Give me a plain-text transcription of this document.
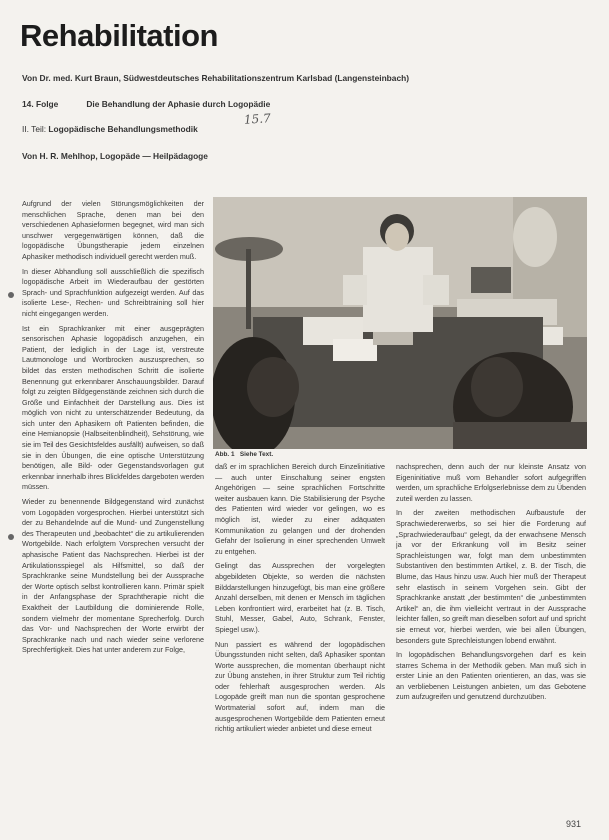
Rehabilitation
Von Dr. med. Kurt Braun, Südwestdeutsches Rehabilitationszentrum Karlsbad (Langensteinbach)
14. Folge	Die Behandlung der Aphasie durch Logopädie
II. Teil: Logopädische Behandlungsmethodik
15.7
Von H. R. Mehlhop, Logopäde — Heilpädagoge

Aufgrund der vielen Störungsmöglichkeiten der menschlichen Sprache, denen man bei den verschiedenen Aphasieformen begegnet, wird man sich unschwer vergegenwärtigen können, daß die logopädische Übungstherapie jedem einzelnen Aphasiker methodisch individuell gerecht werden muß.

In dieser Abhandlung soll ausschließlich die spezifisch logopädische Arbeit im Wiederaufbau der gestörten Sprach- und Sprachfunktion aufgezeigt werden. Auf das isolierte Lese-, Rechen- und Schreibtraining soll hier nicht eingegangen werden.

Ist ein Sprachkranker mit einer ausgeprägten sensorischen Aphasie logopädisch anzugehen, ein Patient, der lediglich in der Lage ist, verstreute Lautmonologe und Wortbrocken auszusprechen, so bildet das ersten methodischen Schritt die isolierte Benennung gut erkennbarer Anschauungsbilder. Darauf folgt zu zeigten Bildgegenstände zeichnen sich durch die Größe und Einfachheit der Darstellung aus. Dies ist möglich von nicht zu unterschätzender Bedeutung, da sich unter den Aphasikern oft Patienten befinden, die eine Hemianopsie (Halbseitenblindheit), Sehstörung, wie sie im Teil des Gesichtsfeldes ausfällt) aufweisen, so daß sie in den Übungen, die eine optische Unterstützung benötigen, alle Bild- oder Gegenstandsvorlagen gut erkennbar innerhalb ihres Blickfeldes dargeboten werden müssen.

Wieder zu benennende Bildgegenstand wird zunächst vom Logopäden vorgesprochen. Hierbei unterstützt sich der zu Behandelnde auf die Mund- und Zungenstellung des Therapeuten und „beobachtet“ die zu artikulierenden Wortgebilde. Nach erfolgtem Vorsprechen versucht der aphasische Patient das Nachsprechen. Hierbei ist der Artikulationsspiegel als Hilfsmittel, so daß der Sprachkranke seine Mundstellung bei der Aussprache der Worte optisch selbst kontrollieren kann. Primär spielt in der Anfangsphase der Sprachtherapie nicht die Exaktheit der Lautbildung die dominierende Rolle, sondern vielmehr der momentane Sprecherfolg. Durch das Vor- und Nachsprechen der Worte erwirbt der Sprachkranke nach und nach wieder seine verlorene Sprechfertigkeit. Dies hat unter anderem zur Folge,

Abb. 1 Siehe Text.

daß er im sprachlichen Bereich durch Einzelinitiative — auch unter Einschaltung seiner engsten Angehörigen — seine sprachlichen Fortschritte weiter ausbauen kann. Die Stabilisierung der Psyche des Patienten wird wieder vor gelingen, wo es möglich ist, wieder zu einer adäquaten Kommunikation zu gelangen und der drohenden Gefahr der Isolierung in einer sprechenden Umwelt zu entgehen.

Gelingt das Aussprechen der vorgelegten abgebildeten Objekte, so werden die nächsten Bilddarstellungen hinzugefügt, bis man eine größere Anzahl derselben, mit denen er Mensch im täglichen Leben konfrontiert wird, erarbeitet hat (z. B. Tisch, Stuhl, Messer, Gabel, Auto, Schrank, Fenster, Spiegel usw.).

Nun passiert es während der logopädischen Übungsstunden nicht selten, daß Aphasiker spontan Worte aussprechen, die momentan überhaupt nicht zur Übung anstehen, in ihrer Struktur zum Teil richtig oder fehlerhaft ausgesprochen werden. Als Logopäde greift man nun die spontan gesprochene Wortmaterial sofort auf, indem man die ausgesprochenen Wortgebilde dem Patienten erneut richtig artikuliert wieder anbietet und diese erneut

nachsprechen, denn auch der nur kleinste Ansatz von Eigeninitiative muß vom Behandler sofort aufgegriffen werden, um sprachliche Erfolgserlebnisse dem zu Übenden zuteil werden zu lassen.

In der zweiten methodischen Aufbaustufe der Sprachwiedererwerbs, so sei hier die Forderung auf „Sprachwiederaufbau“ gelegt, da der erwachsene Mensch ja vor der Erkrankung voll im Besitz seiner Sprachleistungen war, folgt man dem unbestimmten Substantiven den bestimmten Artikel, z. B. der Tisch, die Blume, das Haus hinzu usw. Auch hier muß der Therapeut sehr elastisch in seinem Vorgehen sein. Gibt der Sprachkranke anstatt „der bestimmten“ die „unbestimmten Artikel“ an, die ihm vielleicht vertraut in der Aussprache leichter fallen, so greift man dieselben sofort auf und spricht sie erneut vor, hierbei werden, wie bei allen Übungen, besonders gute Sprechleistungen lobend erwähnt.

In logopädischen Behandlungsvorgehen darf es kein starres Schema in der Methodik geben. Man muß sich in erster Linie an den Patienten orientieren, an das, was sie an verbliebenen Leistungen anbieten, um das Gebotene zum aufzugreifen und genutzend durchzuüben.

931
